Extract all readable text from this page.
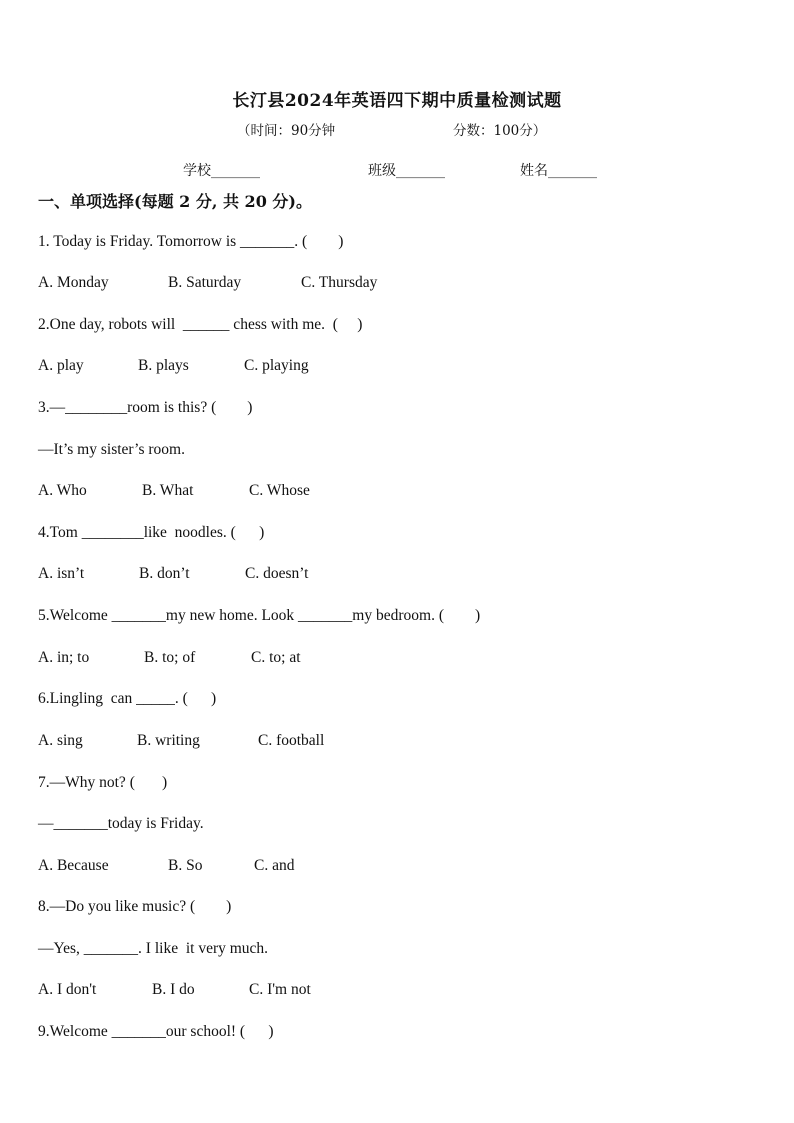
长汀县2024年英语四下期中质量检测试题
（时间：90分钟	分数：100分）
学校_______	班级_______	姓名_______
一、单项选择(每题 2 分, 共 20 分)。
1. Today is Friday. Tomorrow is _______. (        )
A. Monday	B. Saturday	C. Thursday
2.One day, robots will  ______ chess with me.  (     )
A. play	B. plays	C. playing
3.—________room is this? (        )
—It’s my sister’s room.
A. Who	B. What	C. Whose
4.Tom ________like  noodles. (      )
A. isn’t	B. don’t	C. doesn’t
5.Welcome _______my new home. Look _______my bedroom. (        )
A. in; to	B. to; of	C. to; at
6.Lingling  can _____. (      )
A. sing	B. writing	C. football
7.—Why not? (       )
—_______today is Friday.
A. Because	B. So	C. and
8.—Do you like music? (        )
—Yes, _______. I like  it very much.
A. I don't	B. I do	C. I'm not
9.Welcome _______our school! (      )
